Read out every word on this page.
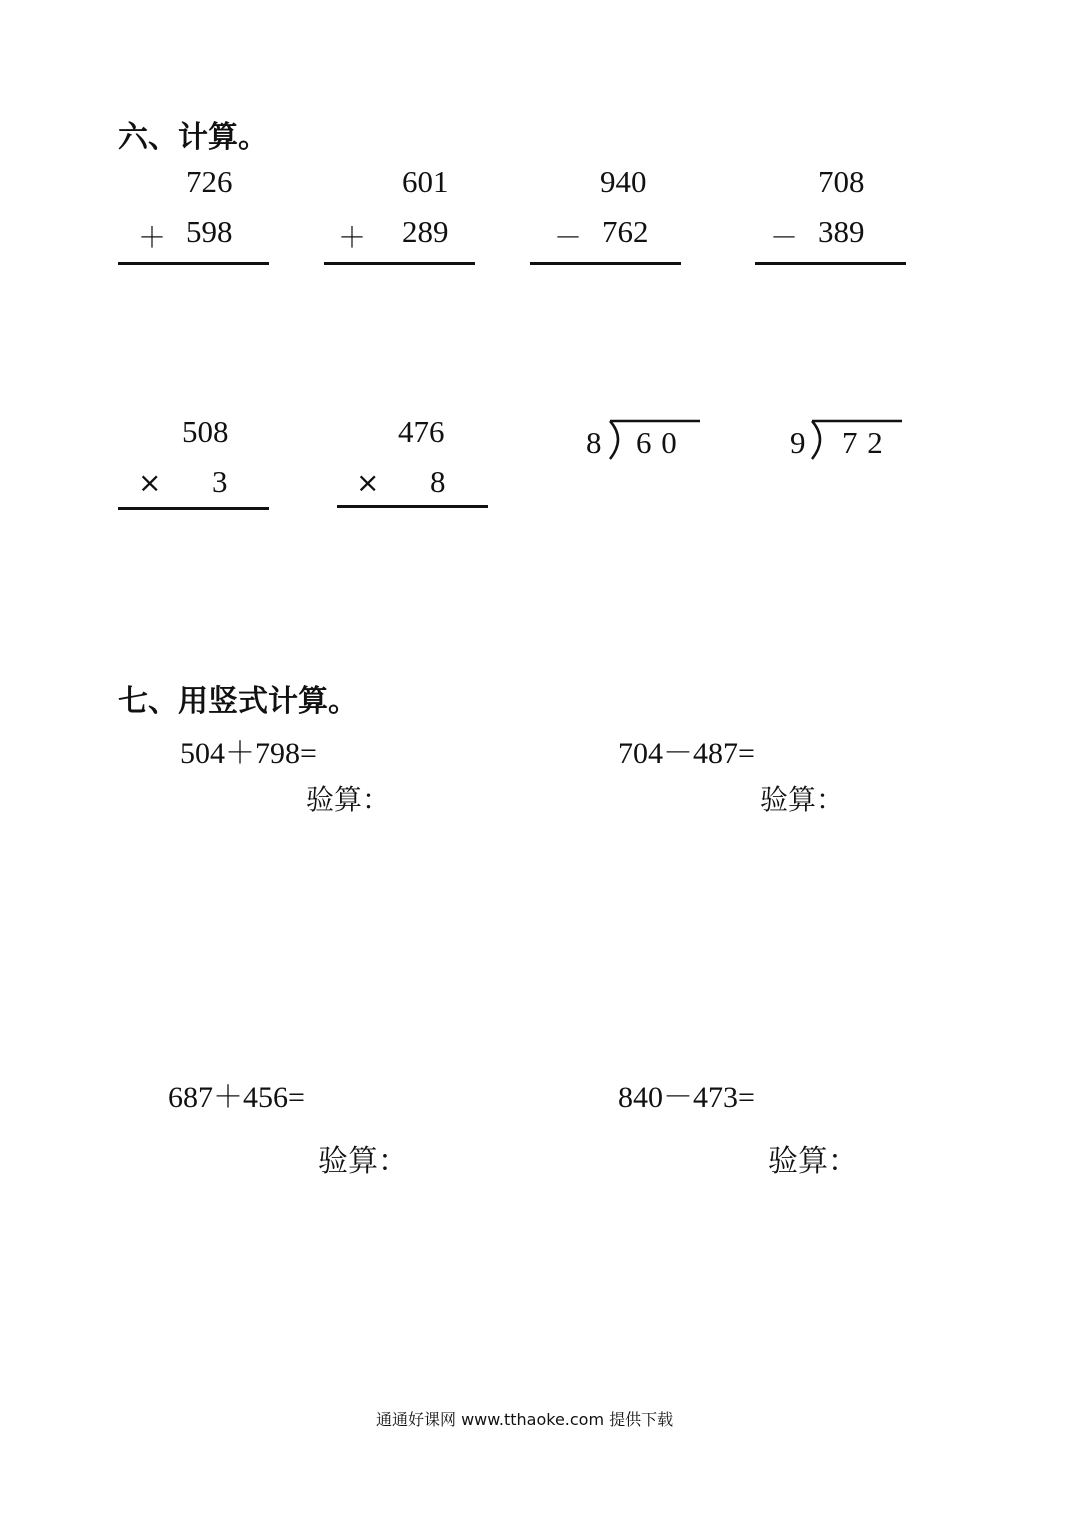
六、计算。
726
＋ 598
601
＋ 289
940
－ 762
708
－ 389
508
× 3
476
× 8
8 6 0	9 7 2
七、用竖式计算。
504＋798=
验算：
704－487=
验算：
687＋456=
验算：
840－473=
验算：
通通好课网 www.tthaoke.com 提供下载
